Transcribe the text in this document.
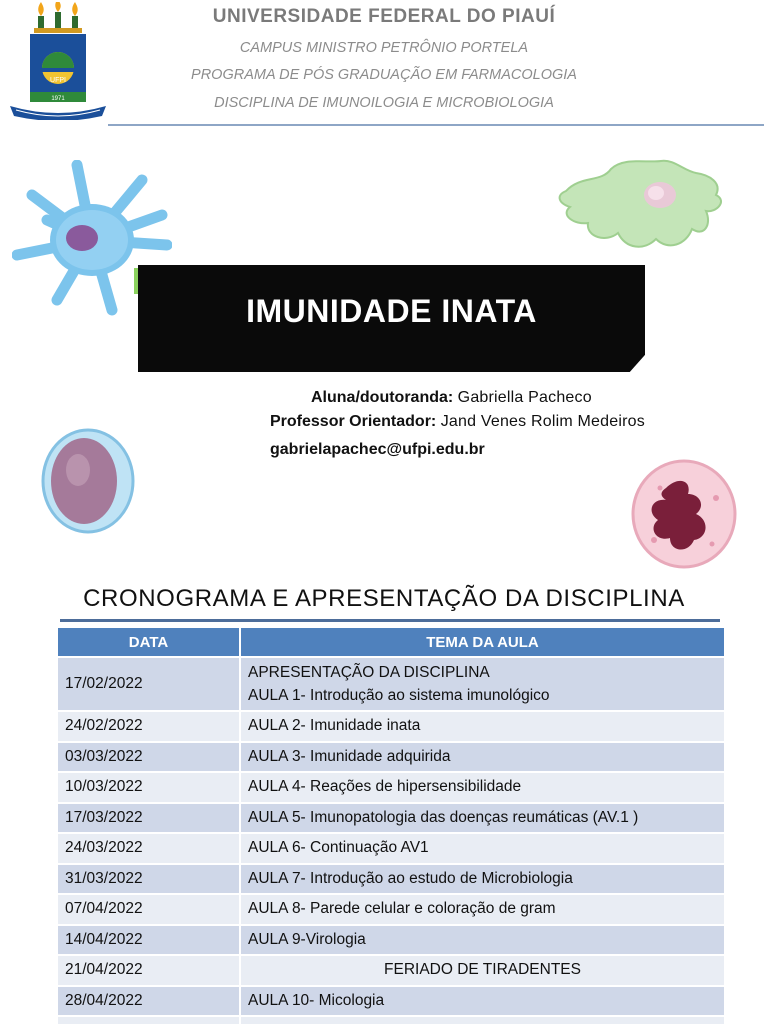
UFPI
1971
UNIVERSIDADE FEDERAL DO PIAUÍ
CAMPUS MINISTRO PETRÔNIO PORTELA
PROGRAMA DE PÓS GRADUAÇÃO EM FARMACOLOGIA
DISCIPLINA DE IMUNOILOGIA E MICROBIOLOGIA
IMUNIDADE INATA
Aluna/doutoranda: Gabriella Pacheco
Professor Orientador: Jand Venes Rolim Medeiros
gabrielapachec@ufpi.edu.br
CRONOGRAMA E APRESENTAÇÃO DA DISCIPLINA
DATA	TEMA DA AULA
17/02/2022	APRESENTAÇÃO DA DISCIPLINA
AULA 1- Introdução ao sistema imunológico

24/02/2022	AULA 2- Imunidade inata
03/03/2022	AULA 3- Imunidade adquirida
10/03/2022	AULA 4- Reações de hipersensibilidade
17/03/2022	AULA 5- Imunopatologia das doenças reumáticas (AV.1 )
24/03/2022	AULA 6- Continuação AV1
31/03/2022	AULA 7- Introdução ao estudo de Microbiologia
07/04/2022	AULA 8- Parede celular e coloração de gram
14/04/2022	AULA 9-Virologia
21/04/2022	FERIADO DE TIRADENTES
28/04/2022	AULA 10- Micologia
